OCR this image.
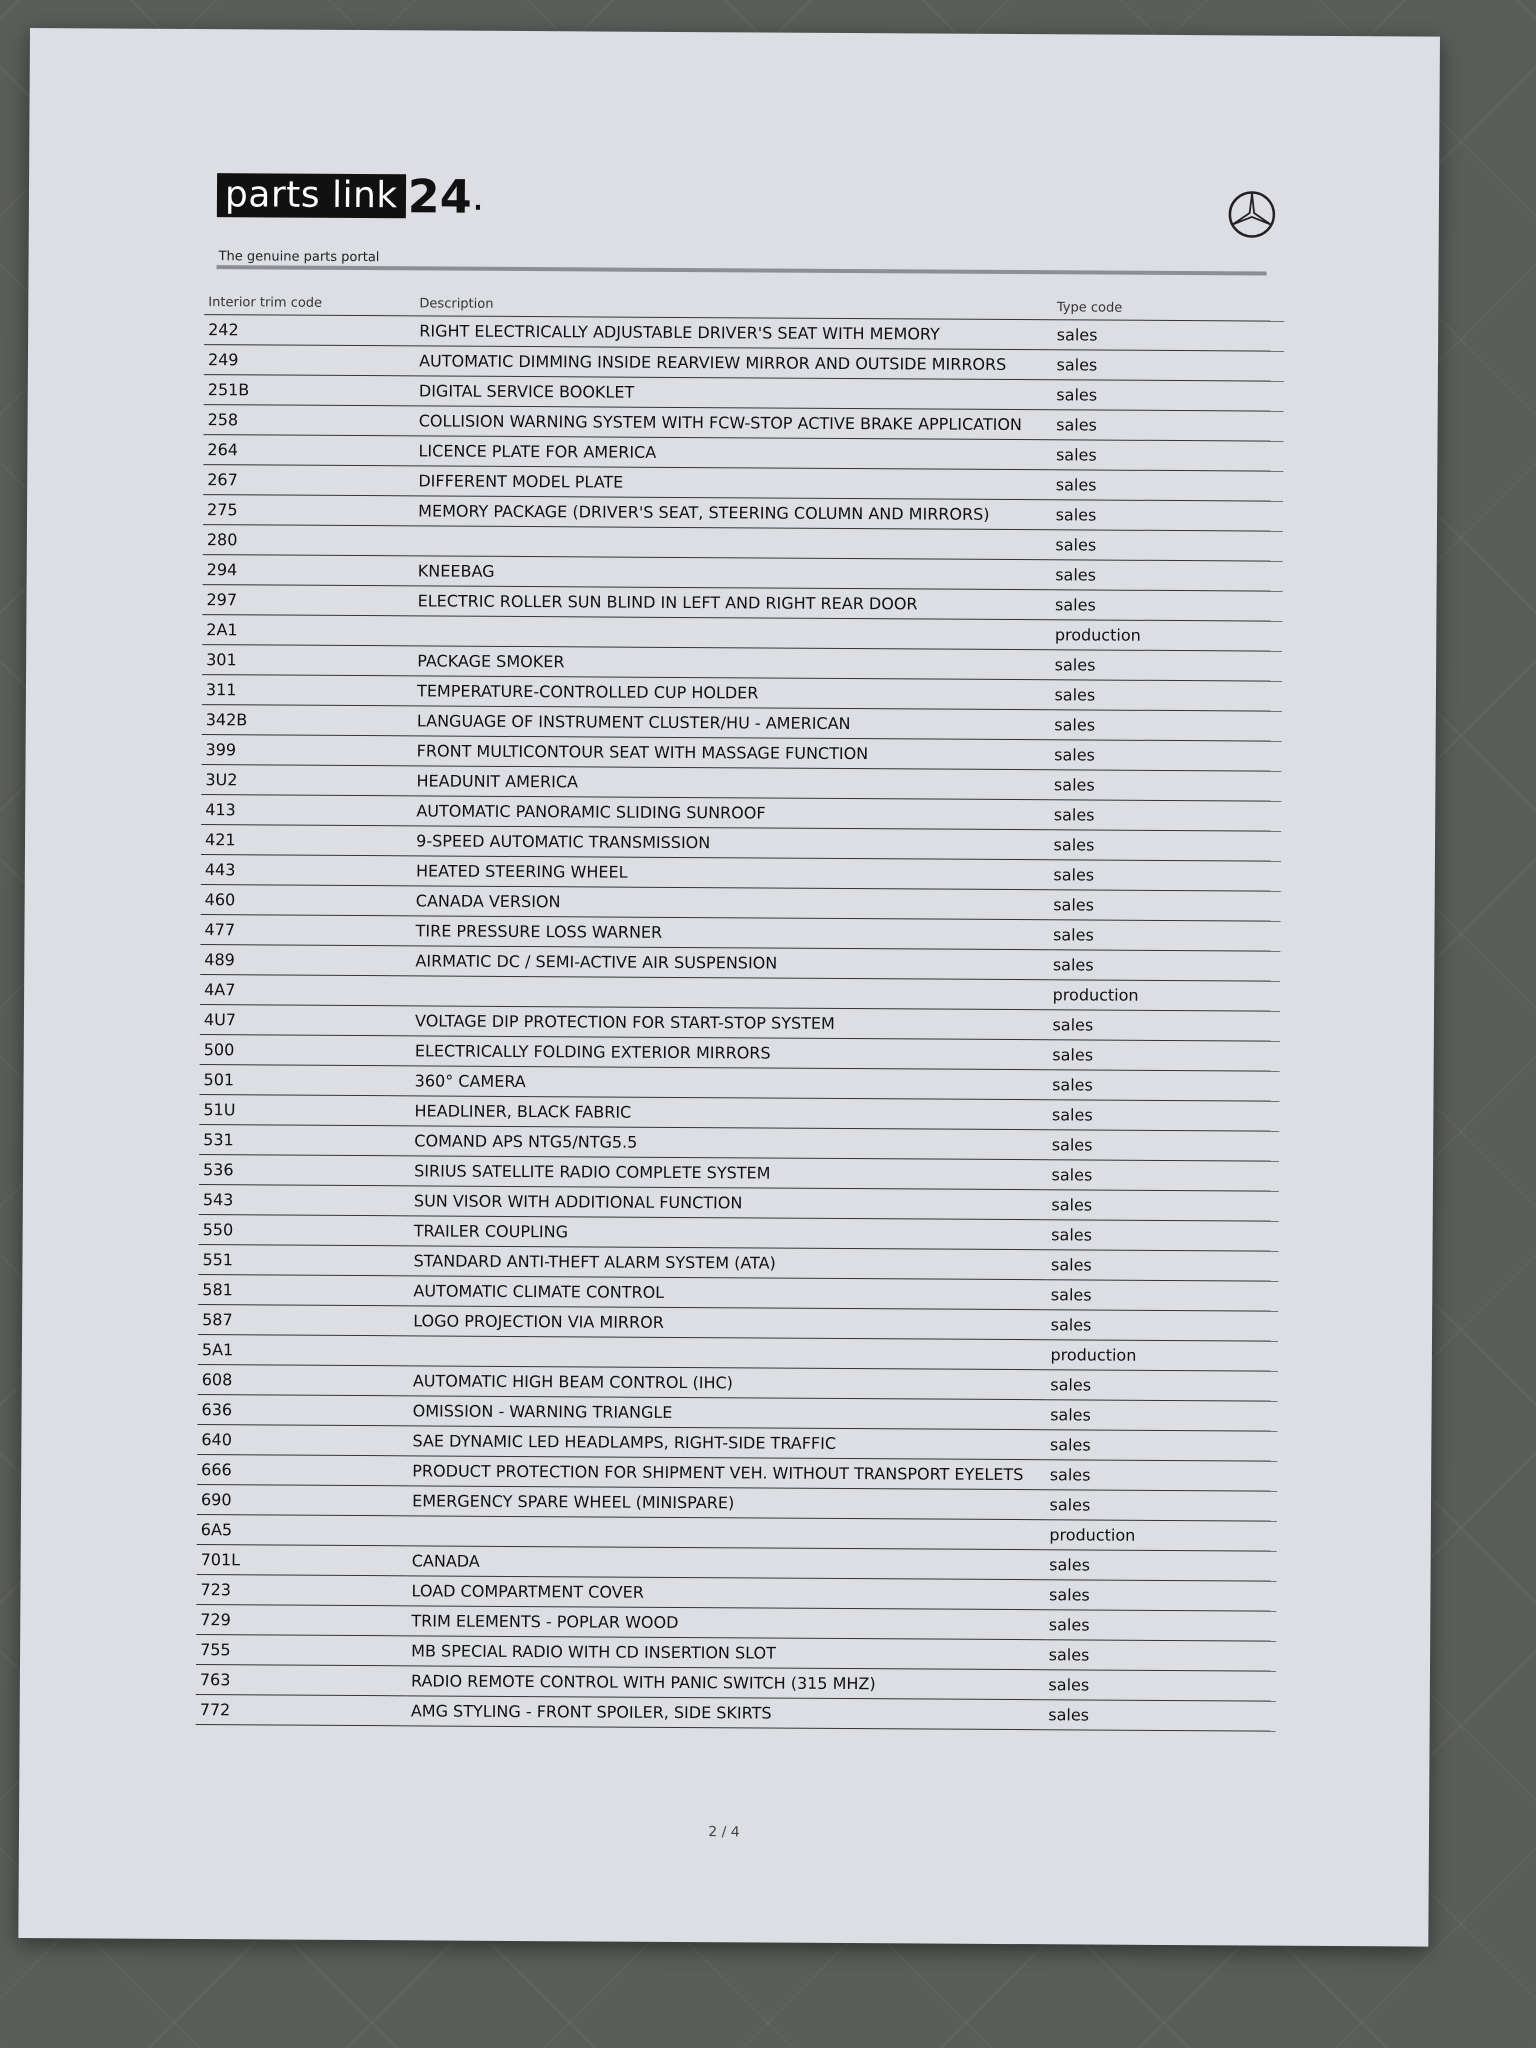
parts link 24 .
The genuine parts portal
Interior trim code	Description	Type code
242	RIGHT ELECTRICALLY ADJUSTABLE DRIVER'S SEAT WITH MEMORY	sales
249	AUTOMATIC DIMMING INSIDE REARVIEW MIRROR AND OUTSIDE MIRRORS	sales
251B	DIGITAL SERVICE BOOKLET	sales
258	COLLISION WARNING SYSTEM WITH FCW-STOP ACTIVE BRAKE APPLICATION	sales
264	LICENCE PLATE FOR AMERICA	sales
267	DIFFERENT MODEL PLATE	sales
275	MEMORY PACKAGE (DRIVER'S SEAT, STEERING COLUMN AND MIRRORS)	sales
280		sales
294	KNEEBAG	sales
297	ELECTRIC ROLLER SUN BLIND IN LEFT AND RIGHT REAR DOOR	sales
2A1		production
301	PACKAGE SMOKER	sales
311	TEMPERATURE-CONTROLLED CUP HOLDER	sales
342B	LANGUAGE OF INSTRUMENT CLUSTER/HU - AMERICAN	sales
399	FRONT MULTICONTOUR SEAT WITH MASSAGE FUNCTION	sales
3U2	HEADUNIT AMERICA	sales
413	AUTOMATIC PANORAMIC SLIDING SUNROOF	sales
421	9-SPEED AUTOMATIC TRANSMISSION	sales
443	HEATED STEERING WHEEL	sales
460	CANADA VERSION	sales
477	TIRE PRESSURE LOSS WARNER	sales
489	AIRMATIC DC / SEMI-ACTIVE AIR SUSPENSION	sales
4A7		production
4U7	VOLTAGE DIP PROTECTION FOR START-STOP SYSTEM	sales
500	ELECTRICALLY FOLDING EXTERIOR MIRRORS	sales
501	360° CAMERA	sales
51U	HEADLINER, BLACK FABRIC	sales
531	COMAND APS NTG5/NTG5.5	sales
536	SIRIUS SATELLITE RADIO COMPLETE SYSTEM	sales
543	SUN VISOR WITH ADDITIONAL FUNCTION	sales
550	TRAILER COUPLING	sales
551	STANDARD ANTI-THEFT ALARM SYSTEM (ATA)	sales
581	AUTOMATIC CLIMATE CONTROL	sales
587	LOGO PROJECTION VIA MIRROR	sales
5A1		production
608	AUTOMATIC HIGH BEAM CONTROL (IHC)	sales
636	OMISSION - WARNING TRIANGLE	sales
640	SAE DYNAMIC LED HEADLAMPS, RIGHT-SIDE TRAFFIC	sales
666	PRODUCT PROTECTION FOR SHIPMENT VEH. WITHOUT TRANSPORT EYELETS	sales
690	EMERGENCY SPARE WHEEL (MINISPARE)	sales
6A5		production
701L	CANADA	sales
723	LOAD COMPARTMENT COVER	sales
729	TRIM ELEMENTS - POPLAR WOOD	sales
755	MB SPECIAL RADIO WITH CD INSERTION SLOT	sales
763	RADIO REMOTE CONTROL WITH PANIC SWITCH (315 MHZ)	sales
772	AMG STYLING - FRONT SPOILER, SIDE SKIRTS	sales
2 / 4
